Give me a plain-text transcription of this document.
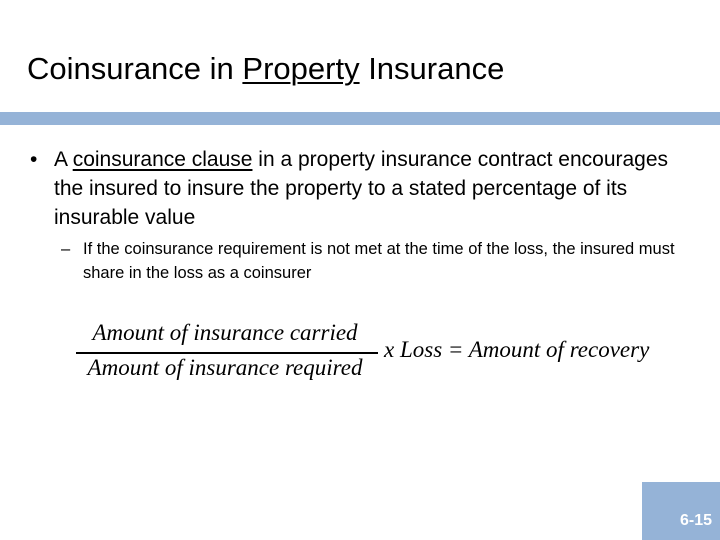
Coinsurance in Property Insurance
• A coinsurance clause in a property insurance contract encourages the insured to insure the property to a stated percentage of its insurable value
– If the coinsurance requirement is not met at the time of the loss, the insured must share in the loss as a coinsurer
Amount of insurance carried
Amount of insurance required
x Loss = Amount of recovery
6-15
